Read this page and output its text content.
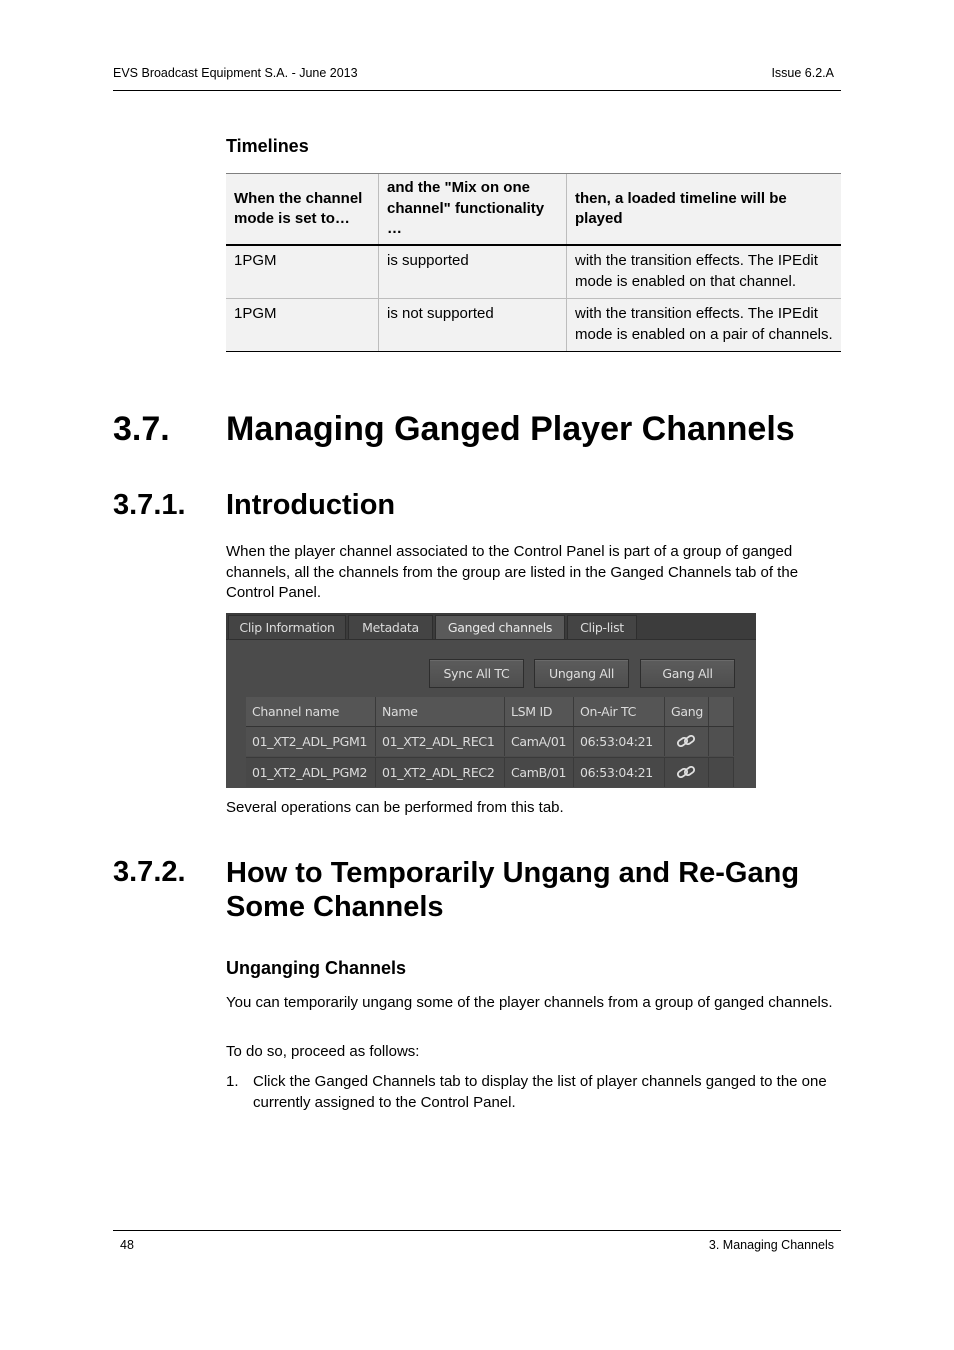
EVS Broadcast Equipment S.A. - June 2013	Issue 6.2.A
Timelines
When the channel mode is set to…	and the "Mix on one channel" functionality …	then, a loaded timeline will be played
1PGM	is supported	with the transition effects. The IPEdit mode is enabled on that channel.
1PGM	is not supported	with the transition effects. The IPEdit mode is enabled on a pair of channels.
3.7. Managing Ganged Player Channels
3.7.1. Introduction

When the player channel associated to the Control Panel is part of a group of ganged channels, all the channels from the group are listed in the Ganged Channels tab of the Control Panel.

Clip Information	Metadata	Ganged channels	Clip-list
Sync All TC	Ungang All	Gang All
Channel name	Name	LSM ID	On-Air TC	Gang
01_XT2_ADL_PGM1	01_XT2_ADL_REC1	CamA/01	06:53:04:21
01_XT2_ADL_PGM2	01_XT2_ADL_REC2	CamB/01	06:53:04:21

Several operations can be performed from this tab.

3.7.2. How to Temporarily Ungang and Re-Gang Some Channels
Unganging Channels

You can temporarily ungang some of the player channels from a group of ganged channels.

To do so, proceed as follows:

1. Click the Ganged Channels tab to display the list of player channels ganged to the one currently assigned to the Control Panel.
48	3. Managing Channels
